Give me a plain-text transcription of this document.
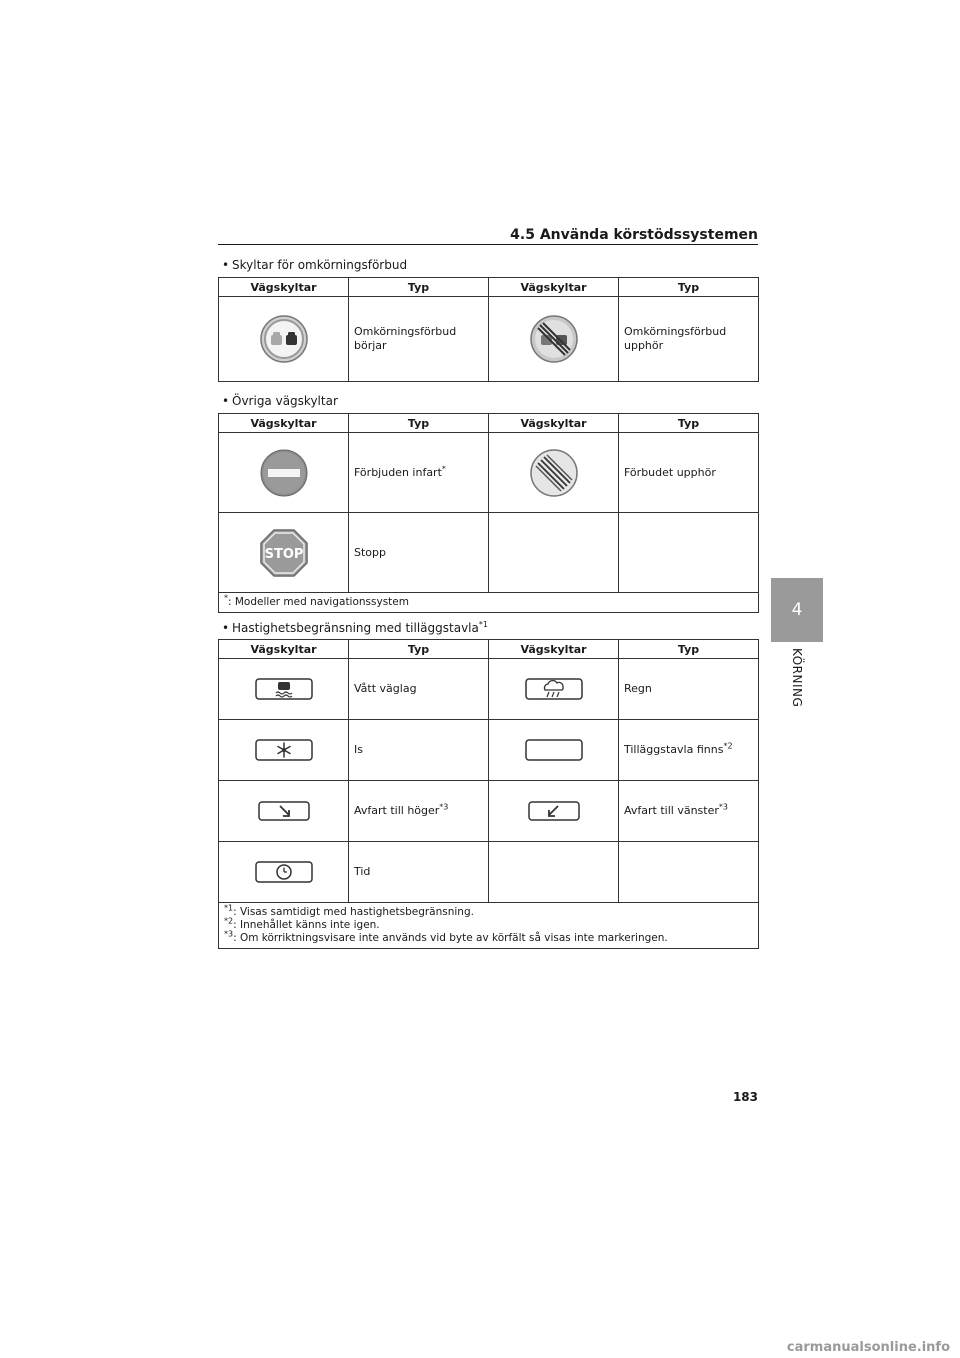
4.5 Använda körstödssystemen
4
KÖRNING
• Skyltar för omkörningsförbud
Vägskyltar	Typ	Vägskyltar	Typ
	Omkörningsförbud börjar		Omkörningsförbud upphör
• Övriga vägskyltar
Vägskyltar	Typ	Vägskyltar	Typ
	Förbjuden infart*		Förbudet upphör

STOP	Stopp		

*: Modeller med navigationssystem			
• Hastighetsbegränsning med tilläggstavla$^{*1}$
Vägskyltar	Typ	Vägskyltar	Typ
	Vått väglag		Regn
	Is		Tilläggstavla finns$^{*2}$
	Avfart till höger$^{*3}$		Avfart till vänster$^{*3}$
	Tid		

$^{*1}$: Visas samtidigt med hastighetsbegränsning.
$^{*2}$: Innehållet känns inte igen.
$^{*3}$: Om körriktningsvisare inte används vid byte av körfält så visas inte markeringen.			
183
carmanualsonline.info
